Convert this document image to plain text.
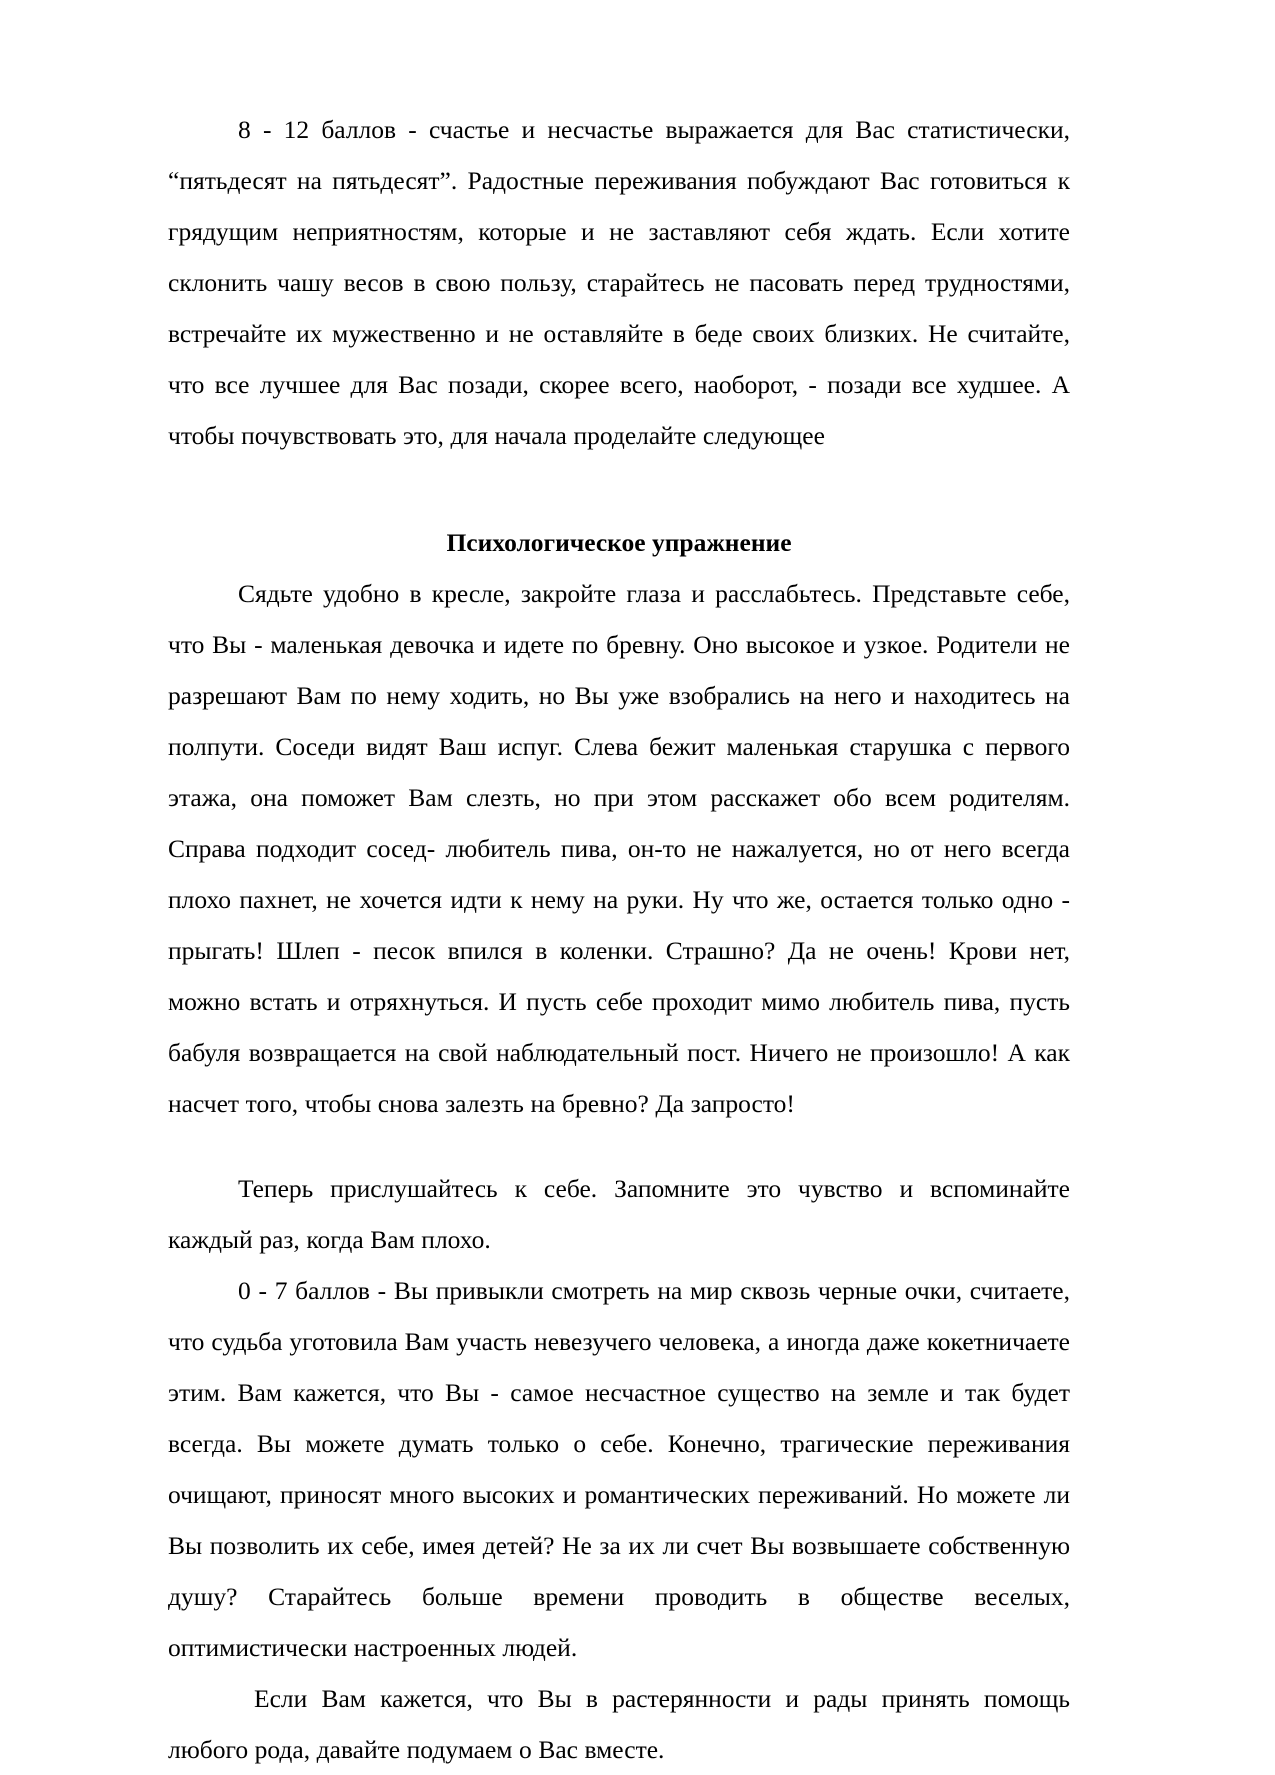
8 - 12 баллов - счастье и несчастье выражается для Вас статистически, “пятьдесят на пятьдесят”. Радостные переживания побуждают Вас готовиться к грядущим неприятностям, которые и не заставляют себя ждать. Если хотите склонить чашу весов в свою пользу, старайтесь не пасовать перед трудностями, встречайте их мужественно и не оставляйте в беде своих близких. Не считайте, что все лучшее для Вас позади, скорее всего, наоборот, - позади все худшее. А чтобы почувствовать это, для начала проделайте следующее

Психологическое упражнение

Сядьте удобно в кресле, закройте глаза и расслабьтесь. Представьте себе, что Вы - маленькая девочка и идете по бревну. Оно высокое и узкое. Родители не разрешают Вам по нему ходить, но Вы уже взобрались на него и находитесь на полпути. Соседи видят Ваш испуг. Слева бежит маленькая старушка с первого этажа, она поможет Вам слезть, но при этом расскажет обо всем родителям. Справа подходит сосед- любитель пива, он-то не нажалуется, но от него всегда плохо пахнет, не хочется идти к нему на руки. Ну что же, остается только одно - прыгать! Шлеп - песок впился в коленки. Страшно? Да не очень! Крови нет, можно встать и отряхнуться. И пусть себе проходит мимо любитель пива, пусть бабуля возвращается на свой наблюдательный пост. Ничего не произошло! А как насчет того, чтобы снова залезть на бревно? Да запросто!

Теперь прислушайтесь к себе. Запомните это чувство и вспоминайте каждый раз, когда Вам плохо.

0 - 7 баллов - Вы привыкли смотреть на мир сквозь черные очки, считаете, что судьба уготовила Вам участь невезучего человека, а иногда даже кокетничаете этим. Вам кажется, что Вы - самое несчастное существо на земле и так будет всегда. Вы можете думать только о себе. Конечно, трагические переживания очищают, приносят много высоких и романтических переживаний. Но можете ли Вы позволить их себе, имея детей? Не за их ли счет Вы возвышаете собственную душу? Старайтесь больше времени проводить в обществе веселых, оптимистически настроенных людей.

Если Вам кажется, что Вы в растерянности и рады принять помощь любого рода, давайте подумаем о Вас вместе.
